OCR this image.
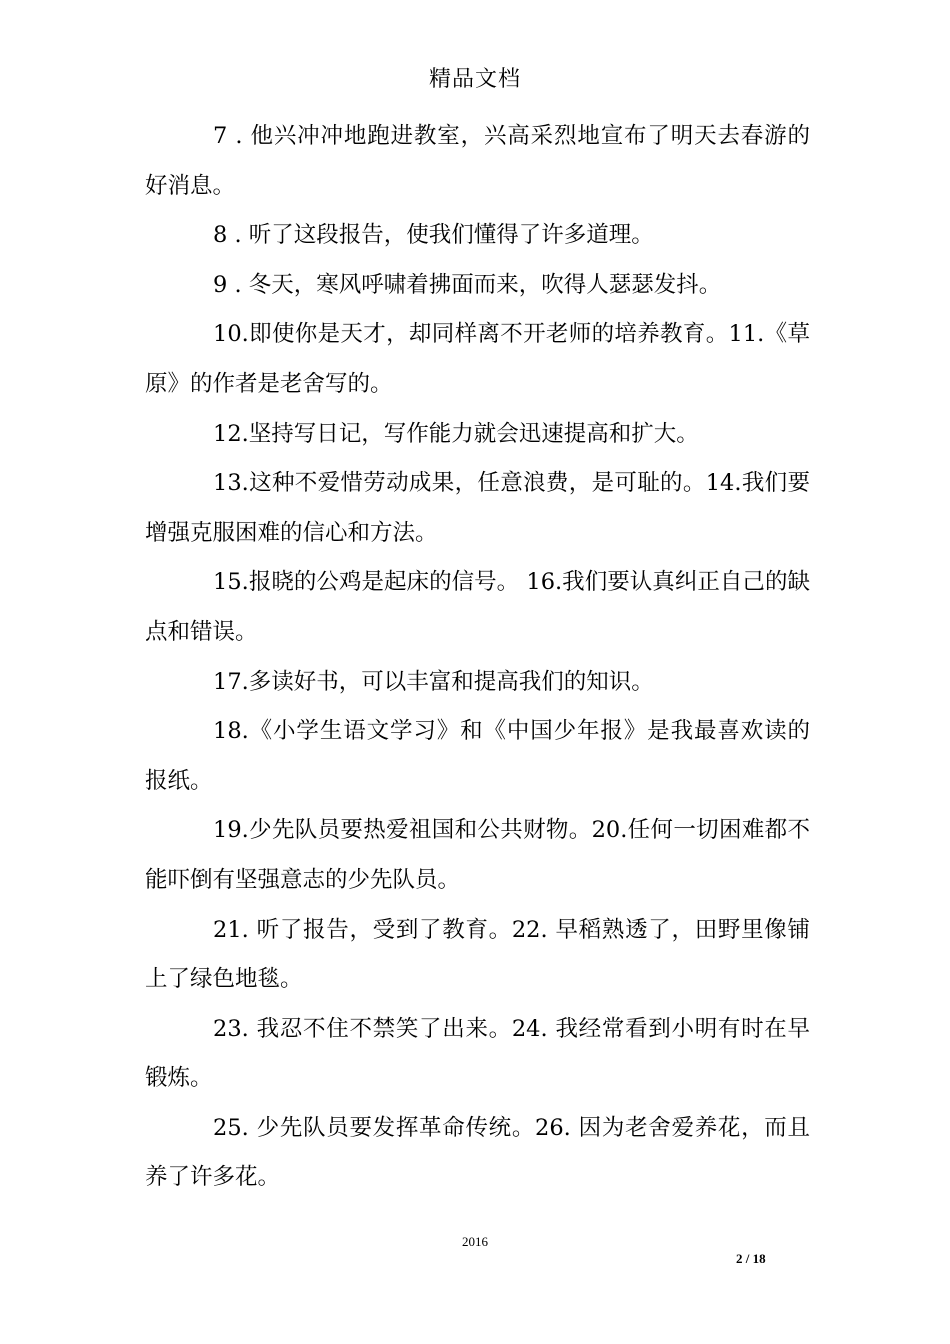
精品文档

7 . 他兴冲冲地跑进教室，兴高采烈地宣布了明天去春游的好消息。

8 . 听了这段报告，使我们懂得了许多道理。

9 . 冬天，寒风呼啸着拂面而来，吹得人瑟瑟发抖。

10.即使你是天才，却同样离不开老师的培养教育。11.《草原》的作者是老舍写的。

12.坚持写日记，写作能力就会迅速提高和扩大。

13.这种不爱惜劳动成果，任意浪费，是可耻的。14.我们要增强克服困难的信心和方法。

15.报晓的公鸡是起床的信号。 16.我们要认真纠正自己的缺点和错误。

17.多读好书，可以丰富和提高我们的知识。

18.《小学生语文学习》和《中国少年报》是我最喜欢读的报纸。

19.少先队员要热爱祖国和公共财物。20.任何一切困难都不能吓倒有坚强意志的少先队员。

21. 听了报告，受到了教育。22. 早稻熟透了，田野里像铺上了绿色地毯。

23. 我忍不住不禁笑了出来。24. 我经常看到小明有时在早锻炼。

25. 少先队员要发挥革命传统。26. 因为老舍爱养花，而且养了许多花。

2016
2 / 18
